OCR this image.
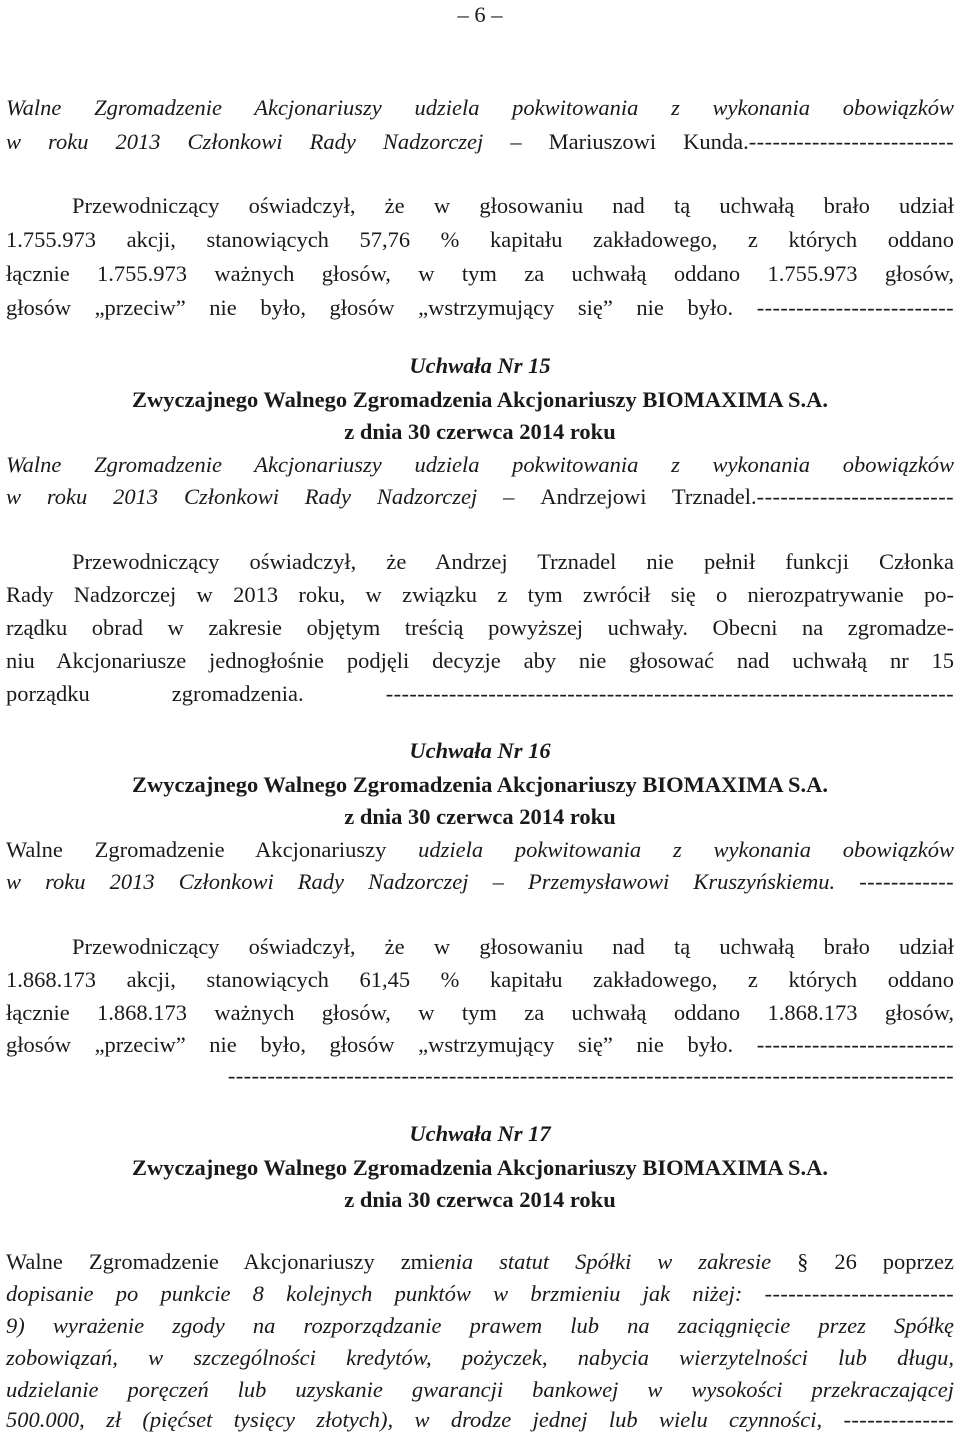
– 6 –
Walne Zgromadzenie Akcjonariuszy udziela pokwitowania z wykonania obowiązków
w roku 2013 Członkowi Rady Nadzorczej – Mariuszowi Kunda.--------------------------
Przewodniczący oświadczył, że w głosowaniu nad tą uchwałą brało udział
1.755.973 akcji, stanowiących 57,76 % kapitału zakładowego, z których oddano
łącznie 1.755.973 ważnych głosów, w tym za uchwałą oddano 1.755.973 głosów,
głosów „przeciw” nie było, głosów „wstrzymujący się” nie było. -------------------------
Uchwała Nr 15
Zwyczajnego Walnego Zgromadzenia Akcjonariuszy BIOMAXIMA S.A.
z dnia 30 czerwca 2014 roku
Walne Zgromadzenie Akcjonariuszy udziela pokwitowania z wykonania obowiązków
w roku 2013 Członkowi Rady Nadzorczej – Andrzejowi Trznadel.-------------------------
Przewodniczący oświadczył, że Andrzej Trznadel nie pełnił funkcji Członka
Rady Nadzorczej w 2013 roku, w związku z tym zwrócił się o nierozpatrywanie po-
rządku obrad w zakresie objętym treścią powyższej uchwały. Obecni na zgromadze-
niu Akcjonariusze jednogłośnie podjęli decyzje aby nie głosować nad uchwałą nr 15
porządku zgromadzenia.	------------------------------------------------------------------------
Uchwała Nr 16
Zwyczajnego Walnego Zgromadzenia Akcjonariuszy BIOMAXIMA S.A.
z dnia 30 czerwca 2014 roku
Walne Zgromadzenie Akcjonariuszy udziela pokwitowania z wykonania obowiązków
w roku 2013 Członkowi Rady Nadzorczej – Przemysławowi Kruszyńskiemu. ------------
Przewodniczący oświadczył, że w głosowaniu nad tą uchwałą brało udział
1.868.173 akcji, stanowiących 61,45 % kapitału zakładowego, z których oddano
łącznie 1.868.173 ważnych głosów, w tym za uchwałą oddano 1.868.173 głosów,
głosów „przeciw” nie było, głosów „wstrzymujący się” nie było. -------------------------
--------------------------------------------------------------------------------------------
Uchwała Nr 17
Zwyczajnego Walnego Zgromadzenia Akcjonariuszy BIOMAXIMA S.A.
z dnia 30 czerwca 2014 roku
Walne Zgromadzenie Akcjonariuszy zmienia statut Spółki w zakresie § 26 poprzez
dopisanie po punkcie 8 kolejnych punktów w brzmieniu jak niżej: ------------------------
9) wyrażenie zgody na rozporządzanie prawem lub na zaciągnięcie przez Spółkę
zobowiązań, w szczególności kredytów, pożyczek, nabycia wierzytelności lub długu,
udzielanie poręczeń lub uzyskanie gwarancji bankowej w wysokości przekraczającej
500.000, zł (pięćset tysięcy złotych), w drodze jednej lub wielu czynności, --------------
